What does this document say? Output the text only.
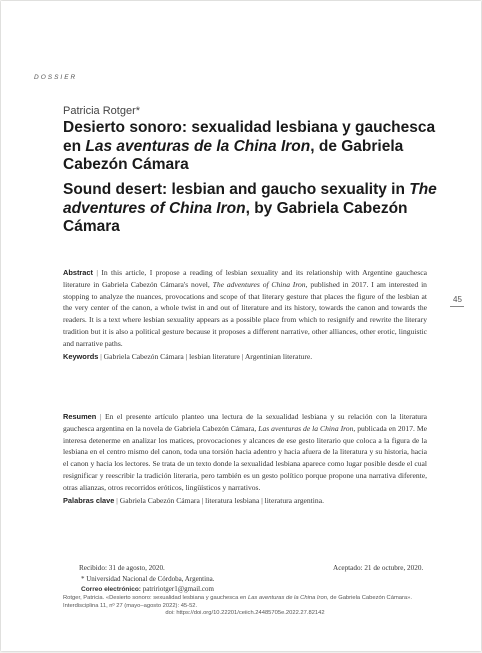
DOSSIER
Patricia Rotger*
Desierto sonoro: sexualidad lesbiana y gauchesca en Las aventuras de la China Iron, de Gabriela Cabezón Cámara
Sound desert: lesbian and gaucho sexuality in The adventures of China Iron, by Gabriela Cabezón Cámara
45
Abstract | In this article, I propose a reading of lesbian sexuality and its relationship with Argentine gauchesca literature in Gabriela Cabezón Cámara's novel, The adventures of China Iron, published in 2017. I am interested in stopping to analyze the nuances, provocations and scope of that literary gesture that places the figure of the lesbian at the very center of the canon, a whole twist in and out of literature and its history, towards the canon and towards the readers. It is a text where lesbian sexuality appears as a possible place from which to resignify and rewrite the literary tradition but it is also a political gesture because it proposes a different narrative, other alliances, other erotic, linguistic and narrative paths.
Keywords | Gabriela Cabezón Cámara | lesbian literature | Argentinian literature.
Resumen | En el presente artículo planteo una lectura de la sexualidad lesbiana y su relación con la literatura gauchesca argentina en la novela de Gabriela Cabezón Cámara, Las aventuras de la China Iron, publicada en 2017. Me interesa detenerme en analizar los matices, provocaciones y alcances de ese gesto literario que coloca a la figura de la lesbiana en el centro mismo del canon, toda una torsión hacia adentro y hacia afuera de la literatura y su historia, hacia el canon y hacia los lectores. Se trata de un texto donde la sexualidad lesbiana aparece como lugar posible desde el cual resignificar y reescribir la tradición literaria, pero también es un gesto político porque propone una narrativa diferente, otras alianzas, otros recorridos eróticos, lingüísticos y narrativos.
Palabras clave | Gabriela Cabezón Cámara | literatura lesbiana | literatura argentina.
Recibido: 31 de agosto, 2020.	Aceptado: 21 de octubre, 2020.
* Universidad Nacional de Córdoba, Argentina.
Correo electrónico: patririotger1@gmail.com
Rotger, Patricia. «Desierto sonoro: sexualidad lesbiana y gauchesca en Las aventuras de la China Iron, de Gabriela Cabezón Cámara». Interdisciplina 11, nº 27 (mayo–agosto 2022): 45-52.
doi: https://doi.org/10.22201/ceiich.24485705e.2022.27.82142
